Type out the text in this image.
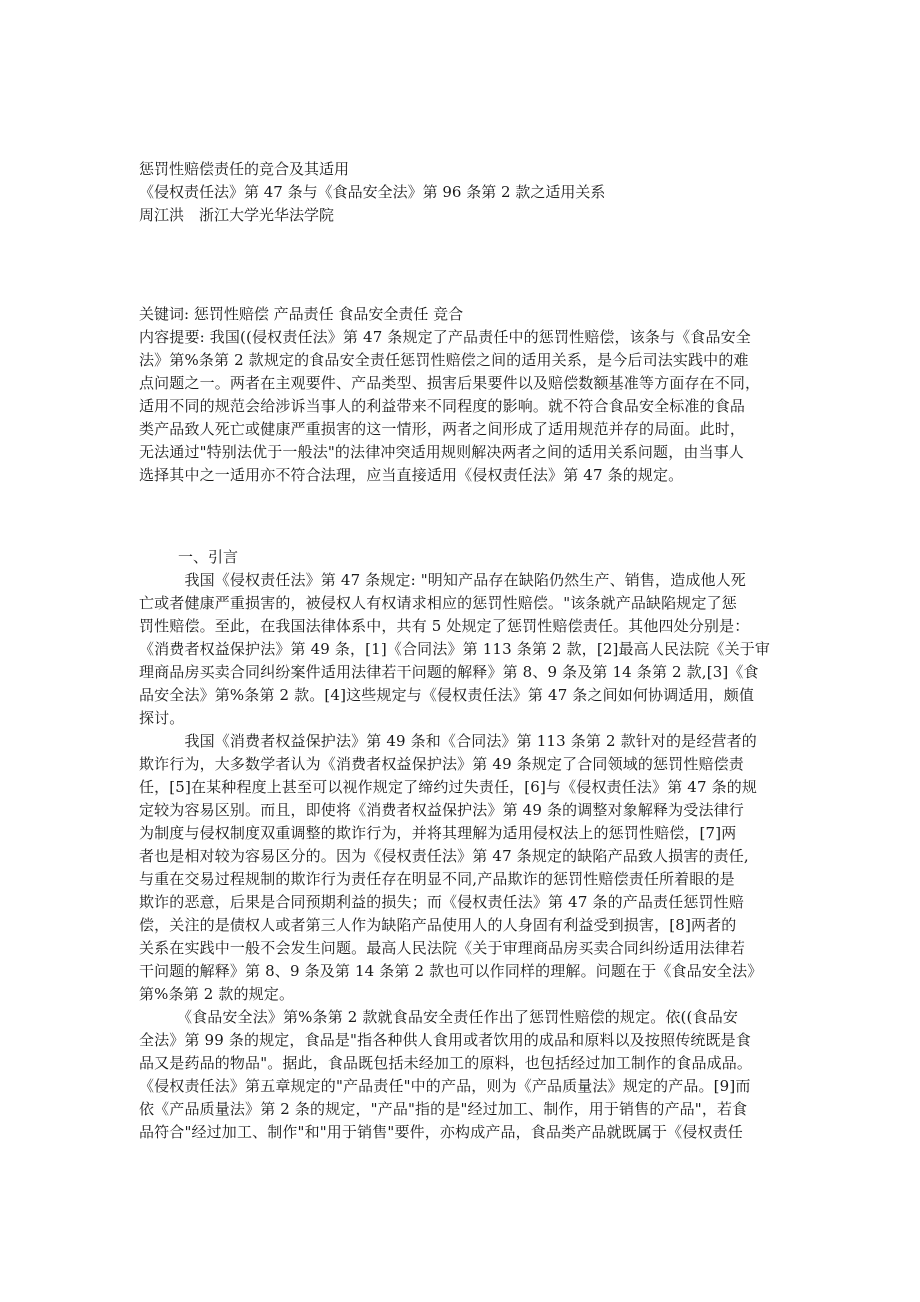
惩罚性赔偿责任的竞合及其适用
《侵权责任法》第 47 条与《食品安全法》第 96 条第 2 款之适用关系
周江洪　浙江大学光华法学院
关键词: 惩罚性赔偿 产品责任 食品安全责任 竞合
内容提要: 我国((侵权责任法》第 47 条规定了产品责任中的惩罚性赔偿，该条与《食品安全
法》第%条第 2 款规定的食品安全责任惩罚性赔偿之间的适用关系，是今后司法实践中的难
点问题之一。两者在主观要件、产品类型、损害后果要件以及赔偿数额基准等方面存在不同，
适用不同的规范会给涉诉当事人的利益带来不同程度的影响。就不符合食品安全标准的食品
类产品致人死亡或健康严重损害的这一情形，两者之间形成了适用规范并存的局面。此时，
无法通过"特别法优于一般法"的法律冲突适用规则解决两者之间的适用关系问题，由当事人
选择其中之一适用亦不符合法理，应当直接适用《侵权责任法》第 47 条的规定。
一、引言
　　　我国《侵权责任法》第 47 条规定: "明知产品存在缺陷仍然生产、销售，造成他人死
亡或者健康严重损害的，被侵权人有权请求相应的惩罚性赔偿。"该条就产品缺陷规定了惩
罚性赔偿。至此，在我国法律体系中，共有 5 处规定了惩罚性赔偿责任。其他四处分别是：
《消费者权益保护法》第 49 条，[1]《合同法》第 113 条第 2 款，[2]最高人民法院《关于审
理商品房买卖合同纠纷案件适用法律若干问题的解释》第 8、9 条及第 14 条第 2 款,[3]《食
品安全法》第%条第 2 款。[4]这些规定与《侵权责任法》第 47 条之间如何协调适用，颇值
探讨。
　　　我国《消费者权益保护法》第 49 条和《合同法》第 113 条第 2 款针对的是经营者的
欺诈行为，大多数学者认为《消费者权益保护法》第 49 条规定了合同领域的惩罚性赔偿责
任，[5]在某种程度上甚至可以视作规定了缔约过失责任，[6]与《侵权责任法》第 47 条的规
定较为容易区别。而且，即使将《消费者权益保护法》第 49 条的调整对象解释为受法律行
为制度与侵权制度双重调整的欺诈行为，并将其理解为适用侵权法上的惩罚性赔偿，[7]两
者也是相对较为容易区分的。因为《侵权责任法》第 47 条规定的缺陷产品致人损害的责任,
与重在交易过程规制的欺诈行为责任存在明显不同,产品欺诈的惩罚性赔偿责任所着眼的是
欺诈的恶意，后果是合同预期利益的损失；而《侵权责任法》第 47 条的产品责任惩罚性赔
偿，关注的是债权人或者第三人作为缺陷产品使用人的人身固有利益受到损害，[8]两者的
关系在实践中一般不会发生问题。最高人民法院《关于审理商品房买卖合同纠纷适用法律若
干问题的解释》第 8、9 条及第 14 条第 2 款也可以作同样的理解。问题在于《食品安全法》
第%条第 2 款的规定。
　　　《食品安全法》第%条第 2 款就食品安全责任作出了惩罚性赔偿的规定。依((食品安
全法》第 99 条的规定，食品是"指各种供人食用或者饮用的成品和原料以及按照传统既是食
品又是药品的物品"。据此，食品既包括未经加工的原料，也包括经过加工制作的食品成品。
《侵权责任法》第五章规定的"产品责任"中的产品，则为《产品质量法》规定的产品。[9]而
依《产品质量法》第 2 条的规定，"产品"指的是"经过加工、制作，用于销售的产品"，若食
品符合"经过加工、制作"和"用于销售"要件，亦构成产品，食品类产品就既属于《侵权责任
